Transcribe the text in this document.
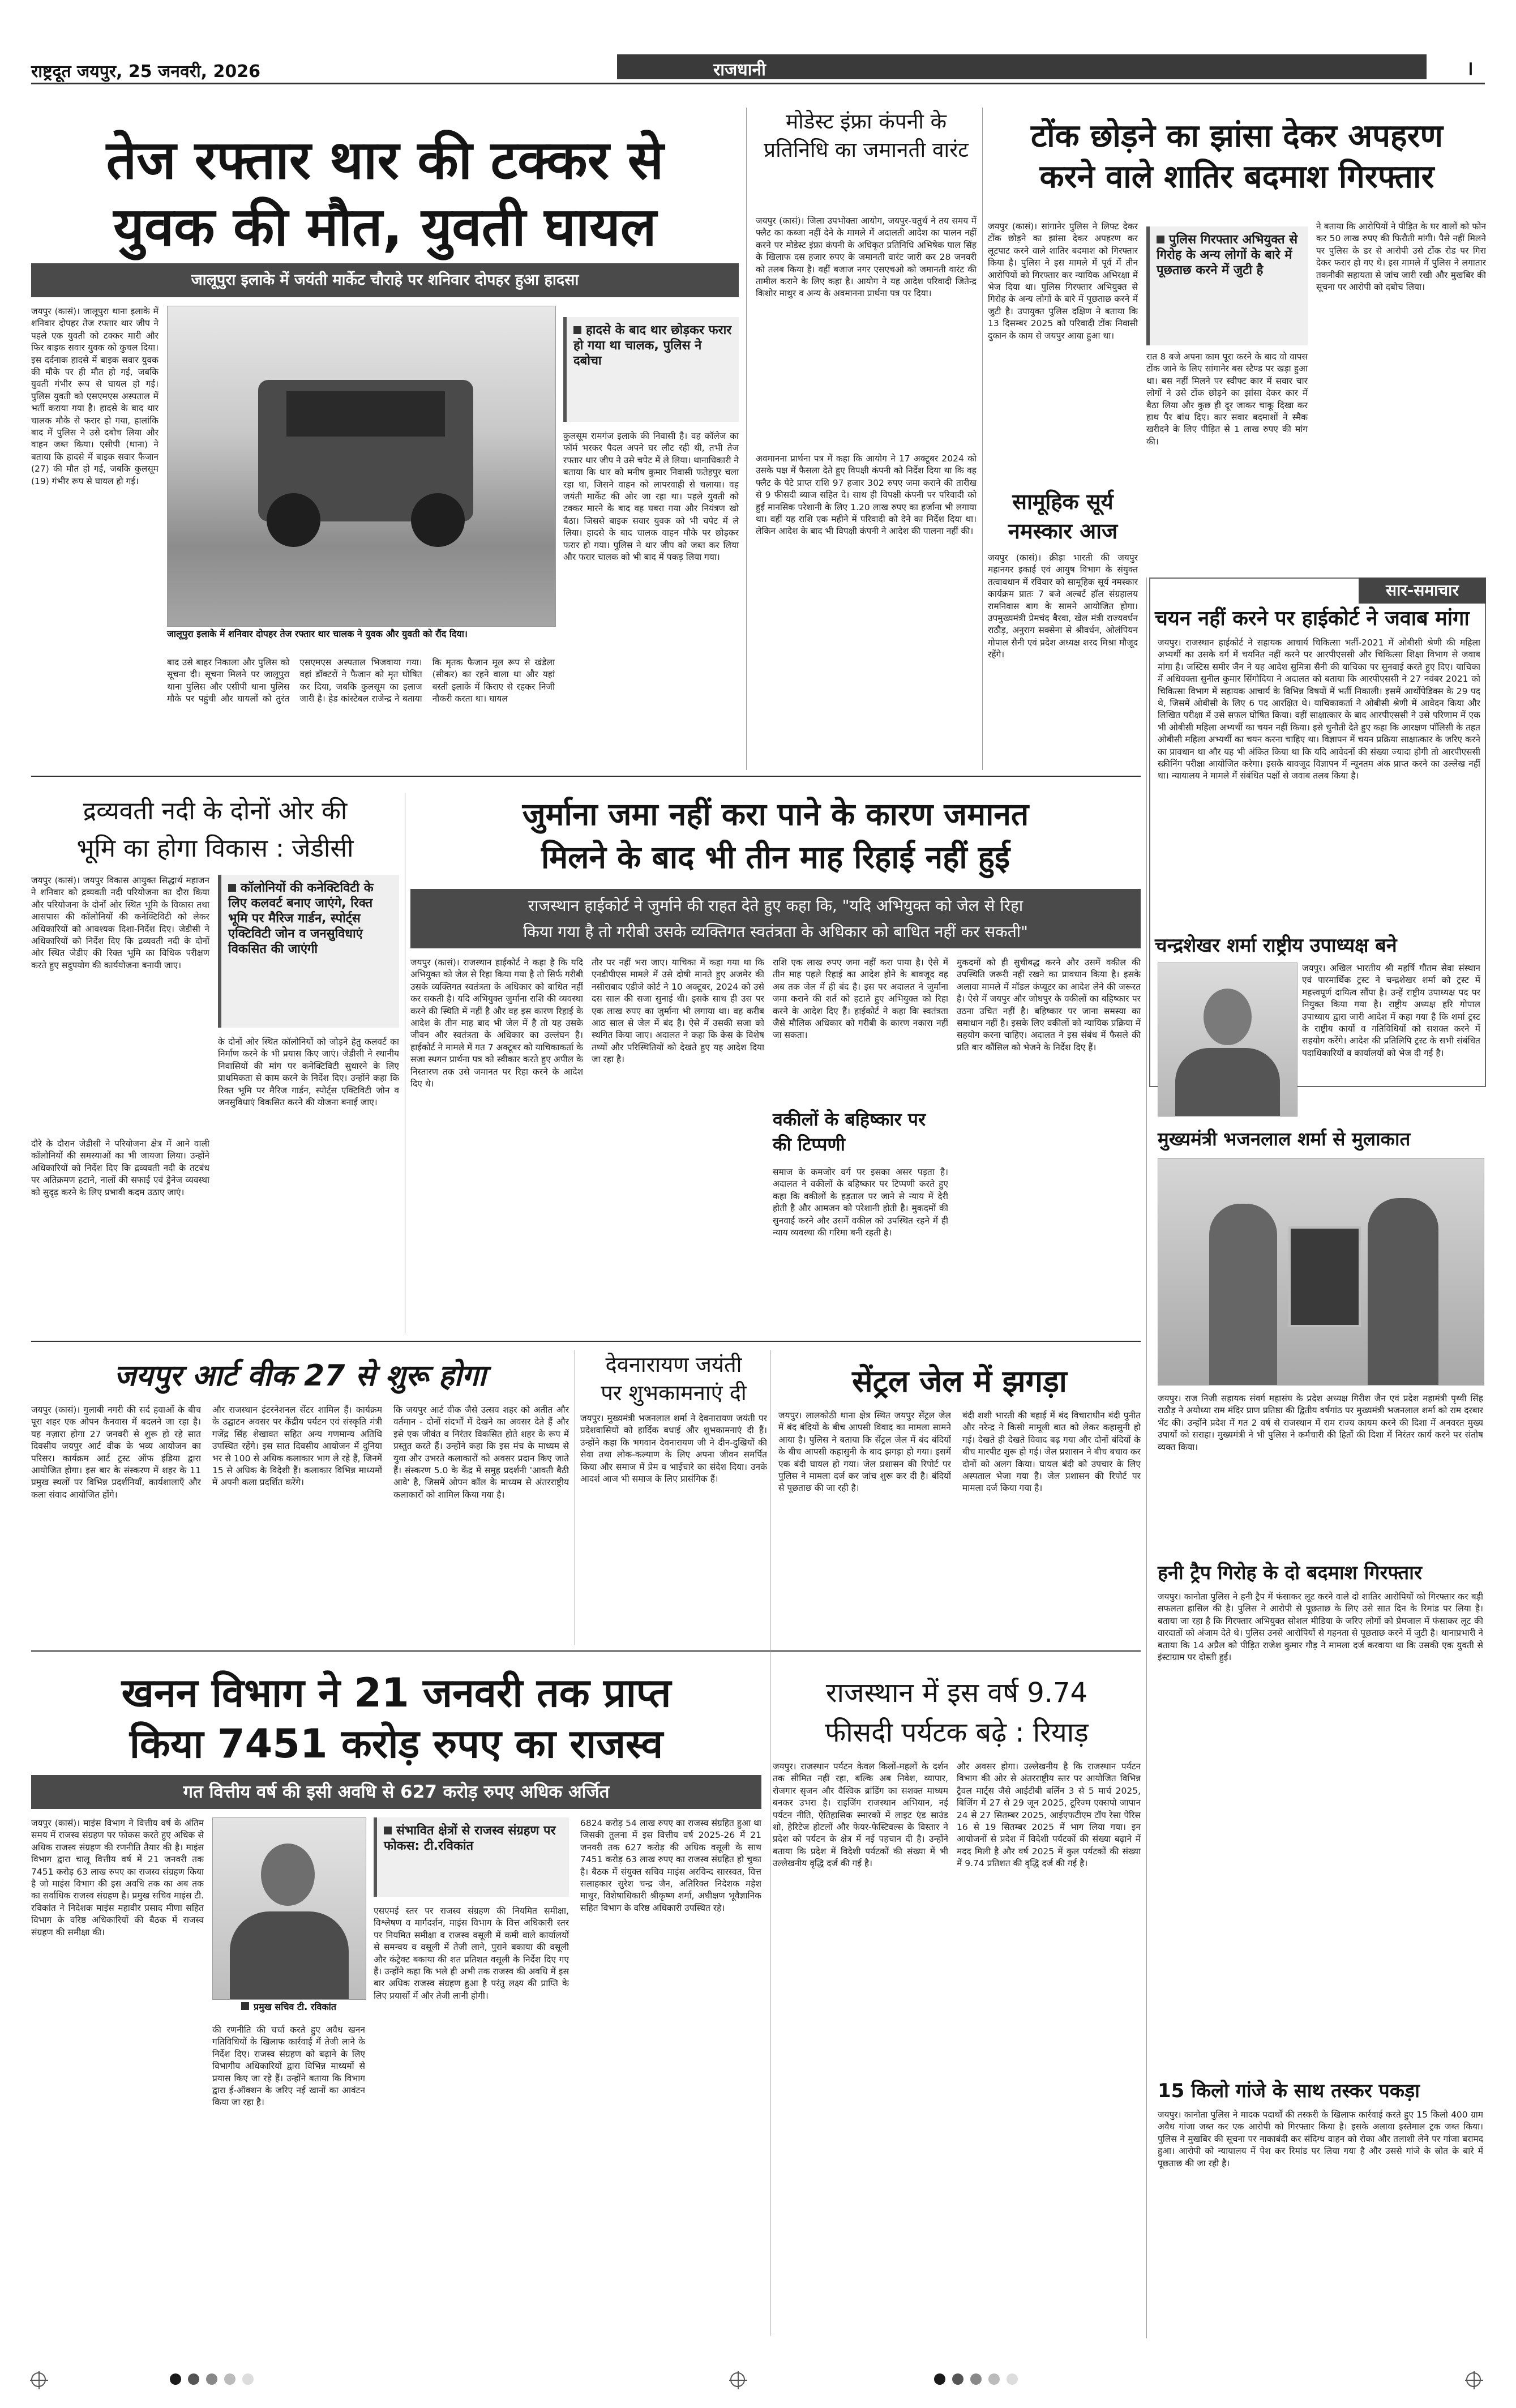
राष्ट्रदूत जयपुर, 25 जनवरी, 2026	राजधानी	।
तेज रफ्तार थार की टक्कर से
युवक की मौत, युवती घायल
जालूपुरा इलाके में जयंती मार्केट चौराहे पर शनिवार दोपहर हुआ हादसा
जयपुर (कासं)। जालूपुरा थाना इलाके में शनिवार दोपहर तेज रफ्तार थार जीप ने पहले एक युवती को टक्कर मारी और फिर बाइक सवार युवक को कुचल दिया। इस दर्दनाक हादसे में बाइक सवार युवक की मौके पर ही मौत हो गई, जबकि युवती गंभीर रूप से घायल हो गई। पुलिस युवती को एसएमएस अस्पताल में भर्ती कराया गया है। हादसे के बाद थार चालक मौके से फरार हो गया, हालांकि बाद में पुलिस ने उसे दबोच लिया और वाहन जब्त किया। एसीपी (थाना) ने बताया कि हादसे में बाइक सवार फैजान (27) की मौत हो गई, जबकि कुलसूम (19) गंभीर रूप से घायल हो गई।
जालूपुरा इलाके में शनिवार दोपहर तेज रफ्तार थार चालक ने युवक और युवती को रौंद दिया।
हादसे के बाद थार छोड़कर फरार हो गया था चालक, पुलिस ने दबोचा
कुलसूम रामगंज इलाके की निवासी है। वह कॉलेज का फॉर्म भरकर पैदल अपने घर लौट रही थी, तभी तेज रफ्तार थार जीप ने उसे चपेट में ले लिया। थानाधिकारी ने बताया कि थार को मनीष कुमार निवासी फतेहपुर चला रहा था, जिसने वाहन को लापरवाही से चलाया। वह जयंती मार्केट की ओर जा रहा था। पहले युवती को टक्कर मारने के बाद वह घबरा गया और नियंत्रण खो बैठा। जिससे बाइक सवार युवक को भी चपेट में ले लिया। हादसे के बाद चालक वाहन मौके पर छोड़कर फरार हो गया। पुलिस ने थार जीप को जब्त कर लिया और फरार चालक को भी बाद में पकड़ लिया गया।
बाद उसे बाहर निकाला और पुलिस को सूचना दी। सूचना मिलने पर जालूपुरा थाना पुलिस और एसीपी थाना पुलिस मौके पर पहुंची और घायलों को तुरंत एसएमएस अस्पताल भिजवाया गया। वहां डॉक्टरों ने फैजान को मृत घोषित कर दिया, जबकि कुलसूम का इलाज जारी है। हेड कांस्टेबल राजेन्द्र ने बताया कि मृतक फैजान मूल रूप से खंडेला (सीकर) का रहने वाला था और यहां बस्ती इलाके में किराए से रहकर निजी नौकरी करता था। घायल
मोडेस्ट इंफ्रा कंपनी के प्रतिनिधि का जमानती वारंट
जयपुर (कासं)। जिला उपभोक्ता आयोग, जयपुर-चतुर्थ ने तय समय में फ्लैट का कब्जा नहीं देने के मामले में अदालती आदेश का पालन नहीं करने पर मोडेस्ट इंफ्रा कंपनी के अधिकृत प्रतिनिधि अभिषेक पाल सिंह के खिलाफ दस हजार रुपए के जमानती वारंट जारी कर 28 जनवरी को तलब किया है। वहीं बजाज नगर एसएचओ को जमानती वारंट की तामील कराने के लिए कहा है। आयोग ने यह आदेश परिवादी जितेन्द्र किशोर माथुर व अन्य के अवमानना प्रार्थना पत्र पर दिया।
अवमानना प्रार्थना पत्र में कहा कि आयोग ने 17 अक्टूबर 2024 को उसके पक्ष में फैसला देते हुए विपक्षी कंपनी को निर्देश दिया था कि वह फ्लैट के पेटे प्राप्त राशि 97 हजार 302 रुपए जमा कराने की तारीख से 9 फीसदी ब्याज सहित दे। साथ ही विपक्षी कंपनी पर परिवादी को हुई मानसिक परेशानी के लिए 1.20 लाख रुपए का हर्जाना भी लगाया था। वहीं यह राशि एक महीने में परिवादी को देने का निर्देश दिया था। लेकिन आदेश के बाद भी विपक्षी कंपनी ने आदेश की पालना नहीं की।
टोंक छोड़ने का झांसा देकर अपहरण
करने वाले शातिर बदमाश गिरफ्तार
जयपुर (कासं)। सांगानेर पुलिस ने लिफ्ट देकर टोंक छोड़ने का झांसा देकर अपहरण कर लूटपाट करने वाले शातिर बदमाश को गिरफ्तार किया है। पुलिस ने इस मामले में पूर्व में तीन आरोपियों को गिरफ्तार कर न्यायिक अभिरक्षा में भेज दिया था। पुलिस गिरफ्तार अभियुक्त से गिरोह के अन्य लोगों के बारे में पूछताछ करने में जुटी है। उपायुक्त पुलिस दक्षिण ने बताया कि 13 दिसम्बर 2025 को परिवादी टोंक निवासी दुकान के काम से जयपुर आया हुआ था।
पुलिस गिरफ्तार अभियुक्त से गिरोह के अन्य लोगों के बारे में पूछताछ करने में जुटी है
रात 8 बजे अपना काम पूरा करने के बाद वो वापस टोंक जाने के लिए सांगानेर बस स्टैण्ड पर खड़ा हुआ था। बस नहीं मिलने पर स्वीफ्ट कार में सवार चार लोगों ने उसे टोंक छोड़ने का झांसा देकर कार में बैठा लिया और कुछ ही दूर जाकर चाकू दिखा कर हाथ पैर बांध दिए। कार सवार बदमाशों ने स्मैक खरीदने के लिए पीड़ित से 1 लाख रुपए की मांग की।
ने बताया कि आरोपियों ने पीड़ित के घर वालों को फोन कर 50 लाख रुपए की फिरौती मांगी। पैसे नहीं मिलने पर पुलिस के डर से आरोपी उसे टोंक रोड पर गिरा देकर फरार हो गए थे। इस मामले में पुलिस ने लगातार तकनीकी सहायता से जांच जारी रखी और मुखबिर की सूचना पर आरोपी को दबोच लिया।
सामूहिक सूर्य
नमस्कार आज
जयपुर (कासं)। क्रीड़ा भारती की जयपुर महानगर इकाई एवं आयुष विभाग के संयुक्त तत्वावधान में रविवार को सामूहिक सूर्य नमस्कार कार्यक्रम प्रातः 7 बजे अल्बर्ट हॉल संग्रहालय रामनिवास बाग के सामने आयोजित होगा। उपमुख्यमंत्री प्रेमचंद बैरवा, खेल मंत्री राज्यवर्धन राठौड़, अनुराग सक्सेना से श्रीवर्धन, ओलंपियन गोपाल सैनी एवं प्रदेश अध्यक्ष शरद मिश्रा मौजूद रहेंगे।
सार-समाचार
चयन नहीं करने पर हाईकोर्ट ने जवाब मांगा
जयपुर। राजस्थान हाईकोर्ट ने सहायक आचार्य चिकित्सा भर्ती-2021 में ओबीसी श्रेणी की महिला अभ्यर्थी का उसके वर्ग में चयनित नहीं करने पर आरपीएससी और चिकित्सा शिक्षा विभाग से जवाब मांगा है। जस्टिस समीर जैन ने यह आदेश सुमित्रा सैनी की याचिका पर सुनवाई करते हुए दिए। याचिका में अधिवक्ता सुनील कुमार सिंगोदिया ने अदालत को बताया कि आरपीएससी ने 27 नवंबर 2021 को चिकित्सा विभाग में सहायक आचार्य के विभिन्न विषयों में भर्ती निकाली। इसमें आर्थोपेडिक्स के 29 पद थे, जिसमें ओबीसी के लिए 6 पद आरक्षित थे। याचिकाकर्ता ने ओबीसी श्रेणी में आवेदन किया और लिखित परीक्षा में उसे सफल घोषित किया। वहीं साक्षात्कार के बाद आरपीएससी ने उसे परिणाम में एक भी ओबीसी महिला अभ्यर्थी का चयन नहीं किया। इसे चुनौती देते हुए कहा कि आरक्षण पॉलिसी के तहत ओबीसी महिला अभ्यर्थी का चयन करना चाहिए था। विज्ञापन में चयन प्रक्रिया साक्षात्कार के जरिए करने का प्रावधान था और यह भी अंकित किया था कि यदि आवेदनों की संख्या ज्यादा होगी तो आरपीएससी स्क्रीनिंग परीक्षा आयोजित करेगा। इसके बावजूद विज्ञापन में न्यूनतम अंक प्राप्त करने का उल्लेख नहीं था। न्यायालय ने मामले में संबंधित पक्षों से जवाब तलब किया है।
चन्द्रशेखर शर्मा राष्ट्रीय उपाध्यक्ष बने
जयपुर। अखिल भारतीय श्री महर्षि गौतम सेवा संस्थान एवं पारमार्थिक ट्रस्ट ने चन्द्रशेखर शर्मा को ट्रस्ट में महत्त्वपूर्ण दायित्व सौंपा है। उन्हें राष्ट्रीय उपाध्यक्ष पद पर नियुक्त किया गया है। राष्ट्रीय अध्यक्ष हरि गोपाल उपाध्याय द्वारा जारी आदेश में कहा गया है कि शर्मा ट्रस्ट के राष्ट्रीय कार्यों व गतिविधियों को सशक्त करने में सहयोग करेंगे। आदेश की प्रतिलिपि ट्रस्ट के सभी संबंधित पदाधिकारियों व कार्यालयों को भेज दी गई है।
मुख्यमंत्री भजनलाल शर्मा से मुलाकात
जयपुर। राज निजी सहायक संवर्ग महासंघ के प्रदेश अध्यक्ष गिरीश जैन एवं प्रदेश महामंत्री पृथ्वी सिंह राठौड़ ने अयोध्या राम मंदिर प्राण प्रतिष्ठा की द्वितीय वर्षगांठ पर मुख्यमंत्री भजनलाल शर्मा को राम दरबार भेंट की। उन्होंने प्रदेश में गत 2 वर्ष से राजस्थान में राम राज्य कायम करने की दिशा में अनवरत मुख्य उपायों को सराहा। मुख्यमंत्री ने भी पुलिस ने कर्मचारी की हितों की दिशा में निरंतर कार्य करने पर संतोष व्यक्त किया।
हनी ट्रैप गिरोह के दो बदमाश गिरफ्तार
जयपुर। कानोता पुलिस ने हनी ट्रैप में फंसाकर लूट करने वाले दो शातिर आरोपियों को गिरफ्तार कर बड़ी सफलता हासिल की है। पुलिस ने आरोपी से पूछताछ के लिए उसे सात दिन के रिमांड पर लिया है। बताया जा रहा है कि गिरफ्तार अभियुक्त सोशल मीडिया के जरिए लोगों को प्रेमजाल में फंसाकर लूट की वारदातों को अंजाम देते थे। पुलिस उनसे आरोपियों से गहनता से पूछताछ करने में जुटी है। थानाप्रभारी ने बताया कि 14 अप्रैल को पीड़ित राजेश कुमार गौड़ ने मामला दर्ज करवाया था कि उसकी एक युवती से इंस्टाग्राम पर दोस्ती हुई।
15 किलो गांजे के साथ तस्कर पकड़ा
जयपुर। कानोता पुलिस ने मादक पदार्थों की तस्करी के खिलाफ कार्रवाई करते हुए 15 किलो 400 ग्राम अवैध गांजा जब्त कर एक आरोपी को गिरफ्तार किया है। इसके अलावा इस्तेमाल ट्रक जब्त किया। पुलिस ने मुखबिर की सूचना पर नाकाबंदी कर संदिग्ध वाहन को रोका और तलाशी लेने पर गांजा बरामद हुआ। आरोपी को न्यायालय में पेश कर रिमांड पर लिया गया है और उससे गांजे के स्रोत के बारे में पूछताछ की जा रही है।
द्रव्यवती नदी के दोनों ओर की
भूमि का होगा विकास : जेडीसी
जयपुर (कासं)। जयपुर विकास आयुक्त सिद्धार्थ महाजन ने शनिवार को द्रव्यवती नदी परियोजना का दौरा किया और परियोजना के दोनों ओर स्थित भूमि के विकास तथा आसपास की कॉलोनियों की कनेक्टिविटी को लेकर अधिकारियों को आवश्यक दिशा-निर्देश दिए। जेडीसी ने अधिकारियों को निर्देश दिए कि द्रव्यवती नदी के दोनों ओर स्थित जेडीए की रिक्त भूमि का विधिक परीक्षण करते हुए सदुपयोग की कार्ययोजना बनायी जाए।
कॉलोनियों की कनेक्टिविटी के लिए कलवर्ट बनाए जाएंगे, रिक्त भूमि पर मैरिज गार्डन, स्पोर्ट्स एक्टिविटी जोन व जनसुविधाएं विकसित की जाएंगी
दौरे के दौरान जेडीसी ने परियोजना क्षेत्र में आने वाली कॉलोनियों की समस्याओं का भी जायजा लिया। उन्होंने अधिकारियों को निर्देश दिए कि द्रव्यवती नदी के तटबंध पर अतिक्रमण हटाने, नालों की सफाई एवं ड्रेनेज व्यवस्था को सुदृढ़ करने के लिए प्रभावी कदम उठाए जाएं।
के दोनों ओर स्थित कॉलोनियों को जोड़ने हेतु कलवर्ट का निर्माण करने के भी प्रयास किए जाएं। जेडीसी ने स्थानीय निवासियों की मांग पर कनेक्टिविटी सुधारने के लिए प्राथमिकता से काम करने के निर्देश दिए। उन्होंने कहा कि रिक्त भूमि पर मैरिज गार्डन, स्पोर्ट्स एक्टिविटी जोन व जनसुविधाएं विकसित करने की योजना बनाई जाए।
जुर्माना जमा नहीं करा पाने के कारण जमानत
मिलने के बाद भी तीन माह रिहाई नहीं हुई
राजस्थान हाईकोर्ट ने जुर्माने की राहत देते हुए कहा कि, "यदि अभियुक्त को जेल से रिहा
किया गया है तो गरीबी उसके व्यक्तिगत स्वतंत्रता के अधिकार को बाधित नहीं कर सकती"
जयपुर (कासं)। राजस्थान हाईकोर्ट ने कहा है कि यदि अभियुक्त को जेल से रिहा किया गया है तो सिर्फ गरीबी उसके व्यक्तिगत स्वतंत्रता के अधिकार को बाधित नहीं कर सकती है। यदि अभियुक्त जुर्माना राशि की व्यवस्था करने की स्थिति में नहीं है और वह इस कारण रिहाई के आदेश के तीन माह बाद भी जेल में है तो यह उसके जीवन और स्वतंत्रता के अधिकार का उल्लंघन है। हाईकोर्ट ने मामले में गत 7 अक्टूबर को याचिकाकर्ता के सजा स्थगन प्रार्थना पत्र को स्वीकार करते हुए अपील के निस्तारण तक उसे जमानत पर रिहा करने के आदेश दिए थे।
तौर पर नहीं भरा जाए। याचिका में कहा गया था कि एनडीपीएस मामले में उसे दोषी मानते हुए अजमेर की नसीराबाद एडीजे कोर्ट ने 10 अक्टूबर, 2024 को उसे दस साल की सजा सुनाई थी। इसके साथ ही उस पर एक लाख रुपए का जुर्माना भी लगाया था। वह करीब आठ साल से जेल में बंद है। ऐसे में उसकी सजा को स्थगित किया जाए। अदालत ने कहा कि केस के विशेष तथ्यों और परिस्थितियों को देखते हुए यह आदेश दिया जा रहा है।
राशि एक लाख रुपए जमा नहीं करा पाया है। ऐसे में तीन माह पहले रिहाई का आदेश होने के बावजूद वह अब तक जेल में ही बंद है। इस पर अदालत ने जुर्माना जमा कराने की शर्त को हटाते हुए अभियुक्त को रिहा करने के आदेश दिए हैं। हाईकोर्ट ने कहा कि स्वतंत्रता जैसे मौलिक अधिकार को गरीबी के कारण नकारा नहीं जा सकता।
वकीलों के बहिष्कार पर की टिप्पणी
समाज के कमजोर वर्ग पर इसका असर पड़ता है। अदालत ने वकीलों के बहिष्कार पर टिप्पणी करते हुए कहा कि वकीलों के हड़ताल पर जाने से न्याय में देरी होती है और आमजन को परेशानी होती है। मुकदमों की सुनवाई करने और उसमें वकील को उपस्थित रहने में ही न्याय व्यवस्था की गरिमा बनी रहती है।
मुकदमों को ही सुचीबद्ध करने और उसमें वकील की उपस्थिति जरूरी नहीं रखने का प्रावधान किया है। इसके अलावा मामले में मॉडल कंप्यूटर का आदेश लेने की जरूरत है। ऐसे में जयपुर और जोधपुर के वकीलों का बहिष्कार पर उठना उचित नहीं है। बहिष्कार पर जाना समस्या का समाधान नहीं है। इसके लिए वकीलों को न्यायिक प्रक्रिया में सहयोग करना चाहिए। अदालत ने इस संबंध में फैसले की प्रति बार कौंसिल को भेजने के निर्देश दिए हैं।
जयपुर आर्ट वीक 27 से शुरू होगा
जयपुर (कासं)। गुलाबी नगरी की सर्द हवाओं के बीच पूरा शहर एक ओपन कैनवास में बदलने जा रहा है। यह नज़ारा होगा 27 जनवरी से शुरू हो रहे सात दिवसीय जयपुर आर्ट वीक के भव्य आयोजन का परिसर। कार्यक्रम आर्ट ट्रस्ट ऑफ इंडिया द्वारा आयोजित होगा। इस बार के संस्करण में शहर के 11 प्रमुख स्थलों पर विभिन्न प्रदर्शनियाँ, कार्यशालाएँ और कला संवाद आयोजित होंगे।
और राजस्थान इंटरनेशनल सेंटर शामिल हैं। कार्यक्रम के उद्घाटन अवसर पर केंद्रीय पर्यटन एवं संस्कृति मंत्री गजेंद्र सिंह शेखावत सहित अन्य गणमान्य अतिथि उपस्थित रहेंगे। इस सात दिवसीय आयोजन में दुनिया भर से 100 से अधिक कलाकार भाग ले रहे हैं, जिनमें 15 से अधिक के विदेशी हैं। कलाकार विभिन्न माध्यमों में अपनी कला प्रदर्शित करेंगे।
कि जयपुर आर्ट वीक जैसे उत्सव शहर को अतीत और वर्तमान - दोनों संदर्भों में देखने का अवसर देते हैं और इसे एक जीवंत व निरंतर विकसित होते शहर के रूप में प्रस्तुत करते हैं। उन्होंने कहा कि इस मंच के माध्यम से युवा और उभरते कलाकारों को अवसर प्रदान किए जाते हैं। संस्करण 5.0 के केंद्र में समुह प्रदर्शनी 'आवती बैठी आवे' है, जिसमें ओपन कॉल के माध्यम से अंतरराष्ट्रीय कलाकारों को शामिल किया गया है।
देवनारायण जयंती
पर शुभकामनाएं दी
जयपुर। मुख्यमंत्री भजनलाल शर्मा ने देवनारायण जयंती पर प्रदेशवासियों को हार्दिक बधाई और शुभकामनाएं दी हैं। उन्होंने कहा कि भगवान देवनारायण जी ने दीन-दुखियों की सेवा तथा लोक-कल्याण के लिए अपना जीवन समर्पित किया और समाज में प्रेम व भाईचारे का संदेश दिया। उनके आदर्श आज भी समाज के लिए प्रासंगिक हैं।
सेंट्रल जेल में झगड़ा
जयपुर। लालकोठी थाना क्षेत्र स्थित जयपुर सेंट्रल जेल में बंद बंदियों के बीच आपसी विवाद का मामला सामने आया है। पुलिस ने बताया कि सेंट्रल जेल में बंद बंदियों के बीच आपसी कहासुनी के बाद झगड़ा हो गया। इसमें एक बंदी घायल हो गया। जेल प्रशासन की रिपोर्ट पर पुलिस ने मामला दर्ज कर जांच शुरू कर दी है। बंदियों से पूछताछ की जा रही है।
बंदी शशी भारती की बहाई में बंद विचाराधीन बंदी पुनीत और नरेन्द्र ने किसी मामूली बात को लेकर कहासुनी हो गई। देखते ही देखते विवाद बढ़ गया और दोनों बंदियों के बीच मारपीट शुरू हो गई। जेल प्रशासन ने बीच बचाव कर दोनों को अलग किया। घायल बंदी को उपचार के लिए अस्पताल भेजा गया है। जेल प्रशासन की रिपोर्ट पर मामला दर्ज किया गया है।
खनन विभाग ने 21 जनवरी तक प्राप्त
किया 7451 करोड़ रुपए का राजस्व
गत वित्तीय वर्ष की इसी अवधि से 627 करोड़ रुपए अधिक अर्जित
जयपुर (कासं)। माइंस विभाग ने वित्तीय वर्ष के अंतिम समय में राजस्व संग्रहण पर फोकस करते हुए अधिक से अधिक राजस्व संग्रहण की रणनीति तैयार की है। माइंस विभाग द्वारा चालू वित्तीय वर्ष में 21 जनवरी तक 7451 करोड़ 63 लाख रुपए का राजस्व संग्रहण किया है जो माइंस विभाग की इस अवधि तक का अब तक का सर्वाधिक राजस्व संग्रहण है। प्रमुख सचिव माइंस टी. रविकांत ने निदेशक माइंस महावीर प्रसाद मीणा सहित विभाग के वरिष्ठ अधिकारियों की बैठक में राजस्व संग्रहण की समीक्षा की।
प्रमुख सचिव टी. रविकांत
संभावित क्षेत्रों से राजस्व संग्रहण पर फोकस: टी.रविकांत
की रणनीति की चर्चा करते हुए अवैध खनन गतिविधियों के खिलाफ कार्रवाई में तेजी लाने के निर्देश दिए। राजस्व संग्रहण को बढ़ाने के लिए विभागीय अधिकारियों द्वारा विभिन्न माध्यमों से प्रयास किए जा रहे हैं। उन्होंने बताया कि विभाग द्वारा ई-ऑक्शन के जरिए नई खानों का आवंटन किया जा रहा है।
एसएमई स्तर पर राजस्व संग्रहण की नियमित समीक्षा, विश्लेषण व मार्गदर्शन, माइंस विभाग के वित्त अधिकारी स्तर पर नियमित समीक्षा व राजस्व वसूली में कमी वाले कार्यालयों से समन्वय व वसूली में तेजी लाने, पुराने बकाया की वसूली और कंट्रेक्ट बकाया की शत प्रतिशत वसूली के निर्देश दिए गए हैं। उन्होंने कहा कि भले ही अभी तक राजस्व की अवधि में इस बार अधिक राजस्व संग्रहण हुआ है परंतु लक्ष्य की प्राप्ति के लिए प्रयासों में और तेजी लानी होगी।
6824 करोड़ 54 लाख रुपए का राजस्व संग्रहित हुआ था जिसकी तुलना में इस वित्तीय वर्ष 2025-26 में 21 जनवरी तक 627 करोड़ की अधिक वसूली के साथ 7451 करोड़ 63 लाख रुपए का राजस्व संग्रहित हो चुका है। बैठक में संयुक्त सचिव माइंस अरविन्द सारस्वत, वित्त सलाहकार सुरेश चन्द्र जैन, अतिरिक्त निदेशक महेश माथुर, विशेषाधिकारी श्रीकृष्ण शर्मा, अधीक्षण भूवैज्ञानिक सहित विभाग के वरिष्ठ अधिकारी उपस्थित रहे।
राजस्थान में इस वर्ष 9.74
फीसदी पर्यटक बढ़े : रियाड़
जयपुर। राजस्थान पर्यटन केवल किलों-महलों के दर्शन तक सीमित नहीं रहा, बल्कि अब निवेश, व्यापार, रोजगार सृजन और वैश्विक ब्रांडिंग का सशक्त माध्यम बनकर उभरा है। राइजिंग राजस्थान अभियान, नई पर्यटन नीति, ऐतिहासिक स्मारकों में लाइट एंड साउंड शो, हेरिटेज होटलों और फेयर-फेस्टिवल्स के विस्तार ने प्रदेश को पर्यटन के क्षेत्र में नई पहचान दी है। उन्होंने बताया कि प्रदेश में विदेशी पर्यटकों की संख्या में भी उल्लेखनीय वृद्धि दर्ज की गई है।
और अवसर होगा। उल्लेखनीय है कि राजस्थान पर्यटन विभाग की ओर से अंतरराष्ट्रीय स्तर पर आयोजित विभिन्न ट्रैवल मार्ट्स जैसे आईटीबी बर्लिन 3 से 5 मार्च 2025, बिजिंग में 27 से 29 जून 2025, टूरिज्म एक्सपो जापान 24 से 27 सितम्बर 2025, आईएफटीएम टॉप रेसा पेरिस 16 से 19 सितम्बर 2025 में भाग लिया गया। इन आयोजनों से प्रदेश में विदेशी पर्यटकों की संख्या बढ़ाने में मदद मिली है और वर्ष 2025 में कुल पर्यटकों की संख्या में 9.74 प्रतिशत की वृद्धि दर्ज की गई है।
